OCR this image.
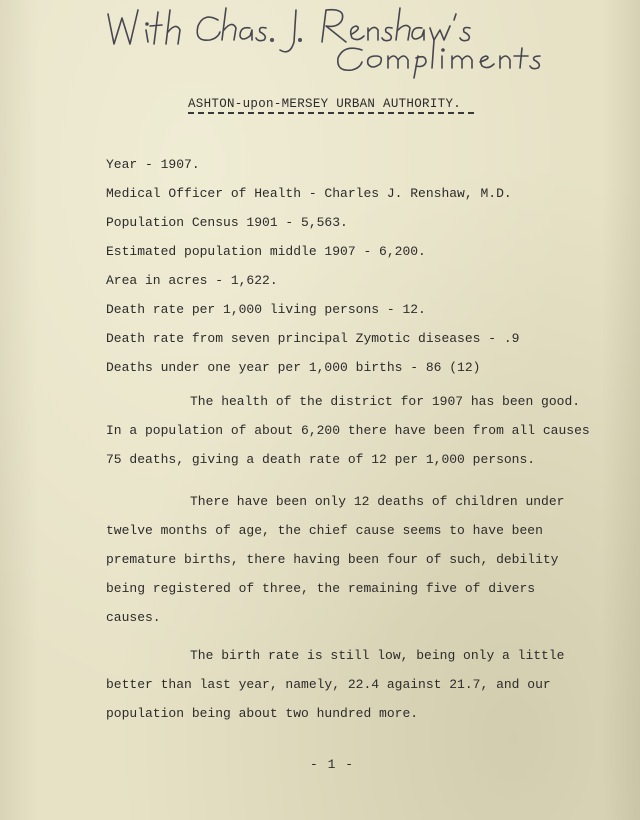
ASHTON-upon-MERSEY URBAN AUTHORITY.
Year - 1907.
Medical Officer of Health - Charles J. Renshaw, M.D.
Population Census 1901 - 5,563.
Estimated population middle 1907 - 6,200.
Area in acres - 1,622.
Death rate per 1,000 living persons - 12.
Death rate from seven principal Zymotic diseases - .9
Deaths under one year per 1,000 births - 86 (12)
The health of the district for 1907 has been good.
In a population of about 6,200 there have been from all causes
75 deaths, giving a death rate of 12 per 1,000 persons.
There have been only 12 deaths of children under
twelve months of age, the chief cause seems to have been
premature births, there having been four of such, debility
being registered of three, the remaining five of divers
causes.
The birth rate is still low, being only a little
better than last year, namely, 22.4 against 21.7, and our
population being about two hundred more.
- 1 -
